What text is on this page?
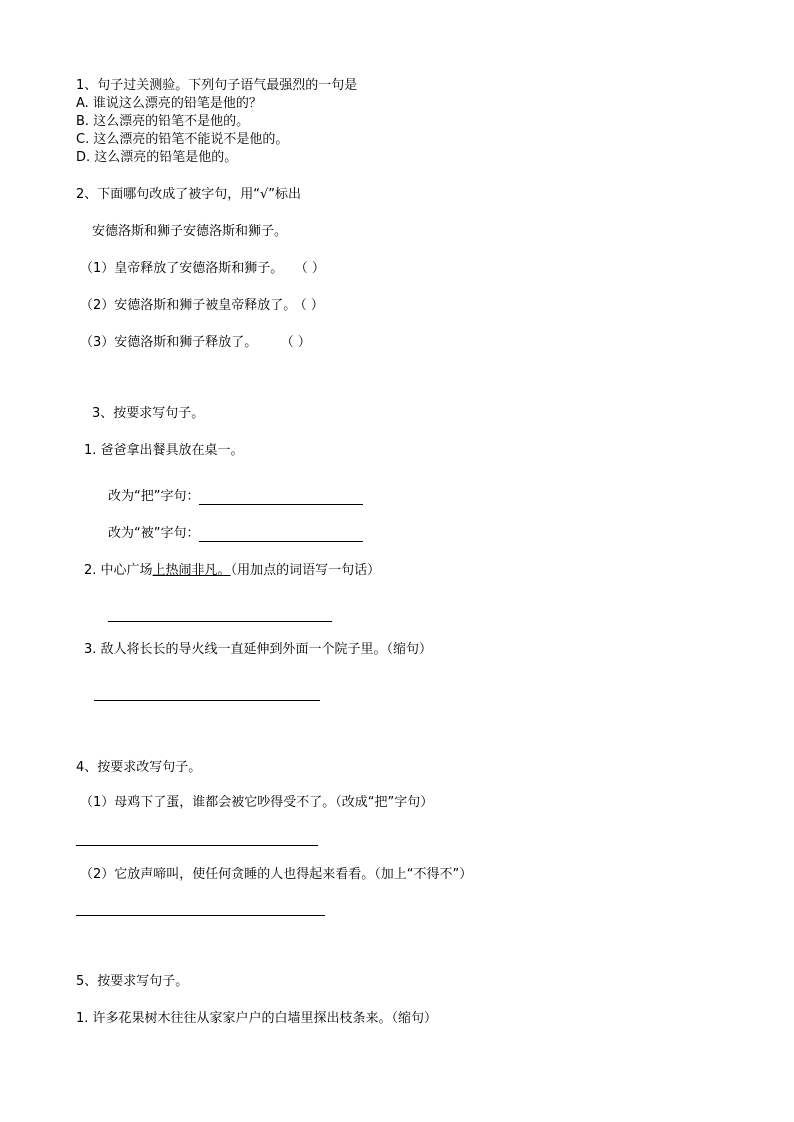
1、句子过关测验。下列句子语气最强烈的一句是
A. 谁说这么漂亮的铅笔是他的？
B. 这么漂亮的铅笔不是他的。
C. 这么漂亮的铅笔不能说不是他的。
D. 这么漂亮的铅笔是他的。
2、下面哪句改成了被字句，用“√”标出
安德洛斯和狮子安德洛斯和狮子。
（1）皇帝释放了安德洛斯和狮子。 （ ）
（2）安德洛斯和狮子被皇帝释放了。 （ ）
（3）安德洛斯和狮子释放了。 （ ）
3、按要求写句子。
1. 爸爸拿出餐具放在桌一。
改为“把”字句：
改为“被”字句：
2. 中心广场上热闹非凡。（用加点的词语写一句话）
3. 敌人将长长的导火线一直延伸到外面一个院子里。（缩句）
4、按要求改写句子。
（1）母鸡下了蛋，谁都会被它吵得受不了。（改成“把”字句）
（2）它放声啼叫，使任何贪睡的人也得起来看看。（加上“不得不”）
5、按要求写句子。
1. 许多花果树木往往从家家户户的白墙里探出枝条来。（缩句）
